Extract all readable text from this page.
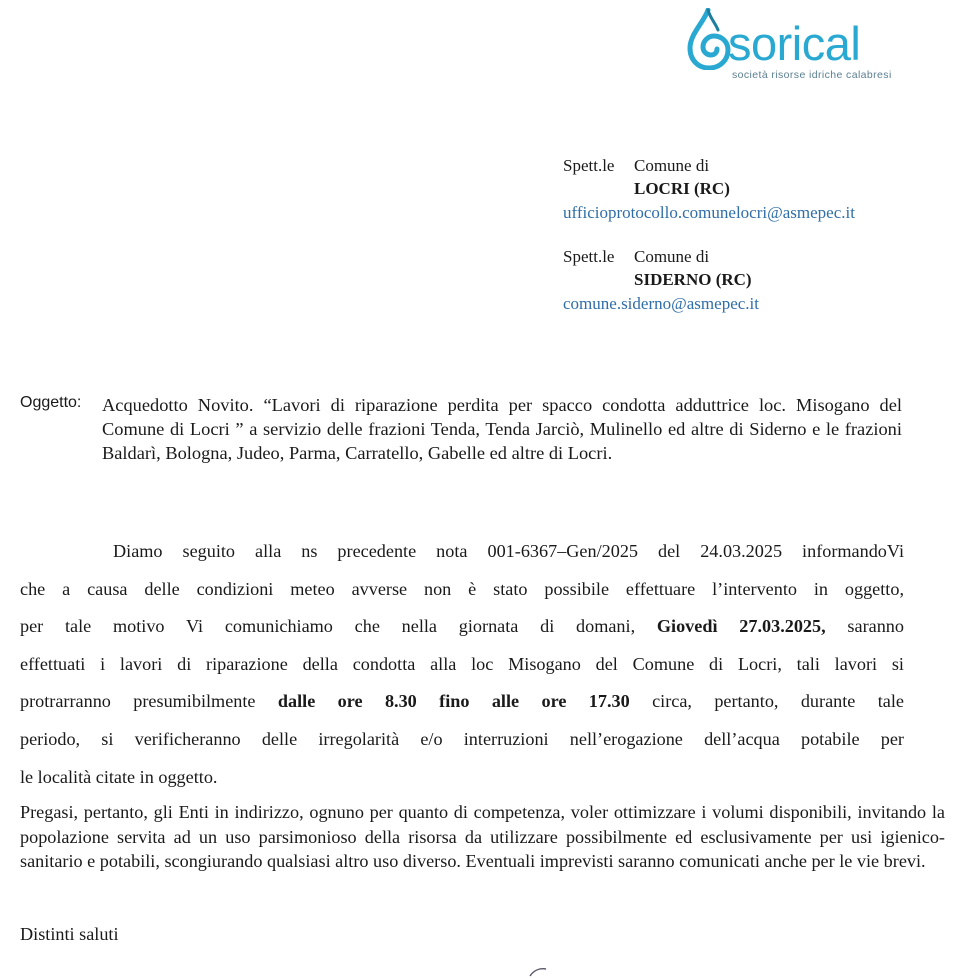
sorical
società risorse idriche calabresi
Spett.le Comune di
LOCRI (RC)
ufficioprotocollo.comunelocri@asmepec.it
Spett.le Comune di
SIDERNO (RC)
comune.siderno@asmepec.it
Oggetto: Acquedotto Novito. “Lavori di riparazione perdita per spacco condotta adduttrice loc. Misogano del Comune di Locri ” a servizio delle frazioni Tenda, Tenda Jarciò, Mulinello ed altre di Siderno e le frazioni Baldarì, Bologna, Judeo, Parma, Carratello, Gabelle ed altre di Locri.

Diamo seguito alla ns precedente nota 001-6367–Gen/2025 del 24.03.2025 informandoVi

che a causa delle condizioni meteo avverse non è stato possibile effettuare l’intervento in oggetto,

per tale motivo Vi comunichiamo che nella giornata di domani, Giovedì 27.03.2025, saranno

effettuati i lavori di riparazione della condotta alla loc Misogano del Comune di Locri, tali lavori si

protrarranno presumibilmente dalle ore 8.30 fino alle ore 17.30 circa, pertanto, durante tale

periodo, si verificheranno delle irregolarità e/o interruzioni nell’erogazione dell’acqua potabile per

le località citate in oggetto.

Pregasi, pertanto, gli Enti in indirizzo, ognuno per quanto di competenza, voler ottimizzare i volumi disponibili, invitando la popolazione servita ad un uso parsimonioso della risorsa da utilizzare possibilmente ed esclusivamente per usi igienico-sanitario e potabili, scongiurando qualsiasi altro uso diverso. Eventuali imprevisti saranno comunicati anche per le vie brevi.
Distinti saluti
